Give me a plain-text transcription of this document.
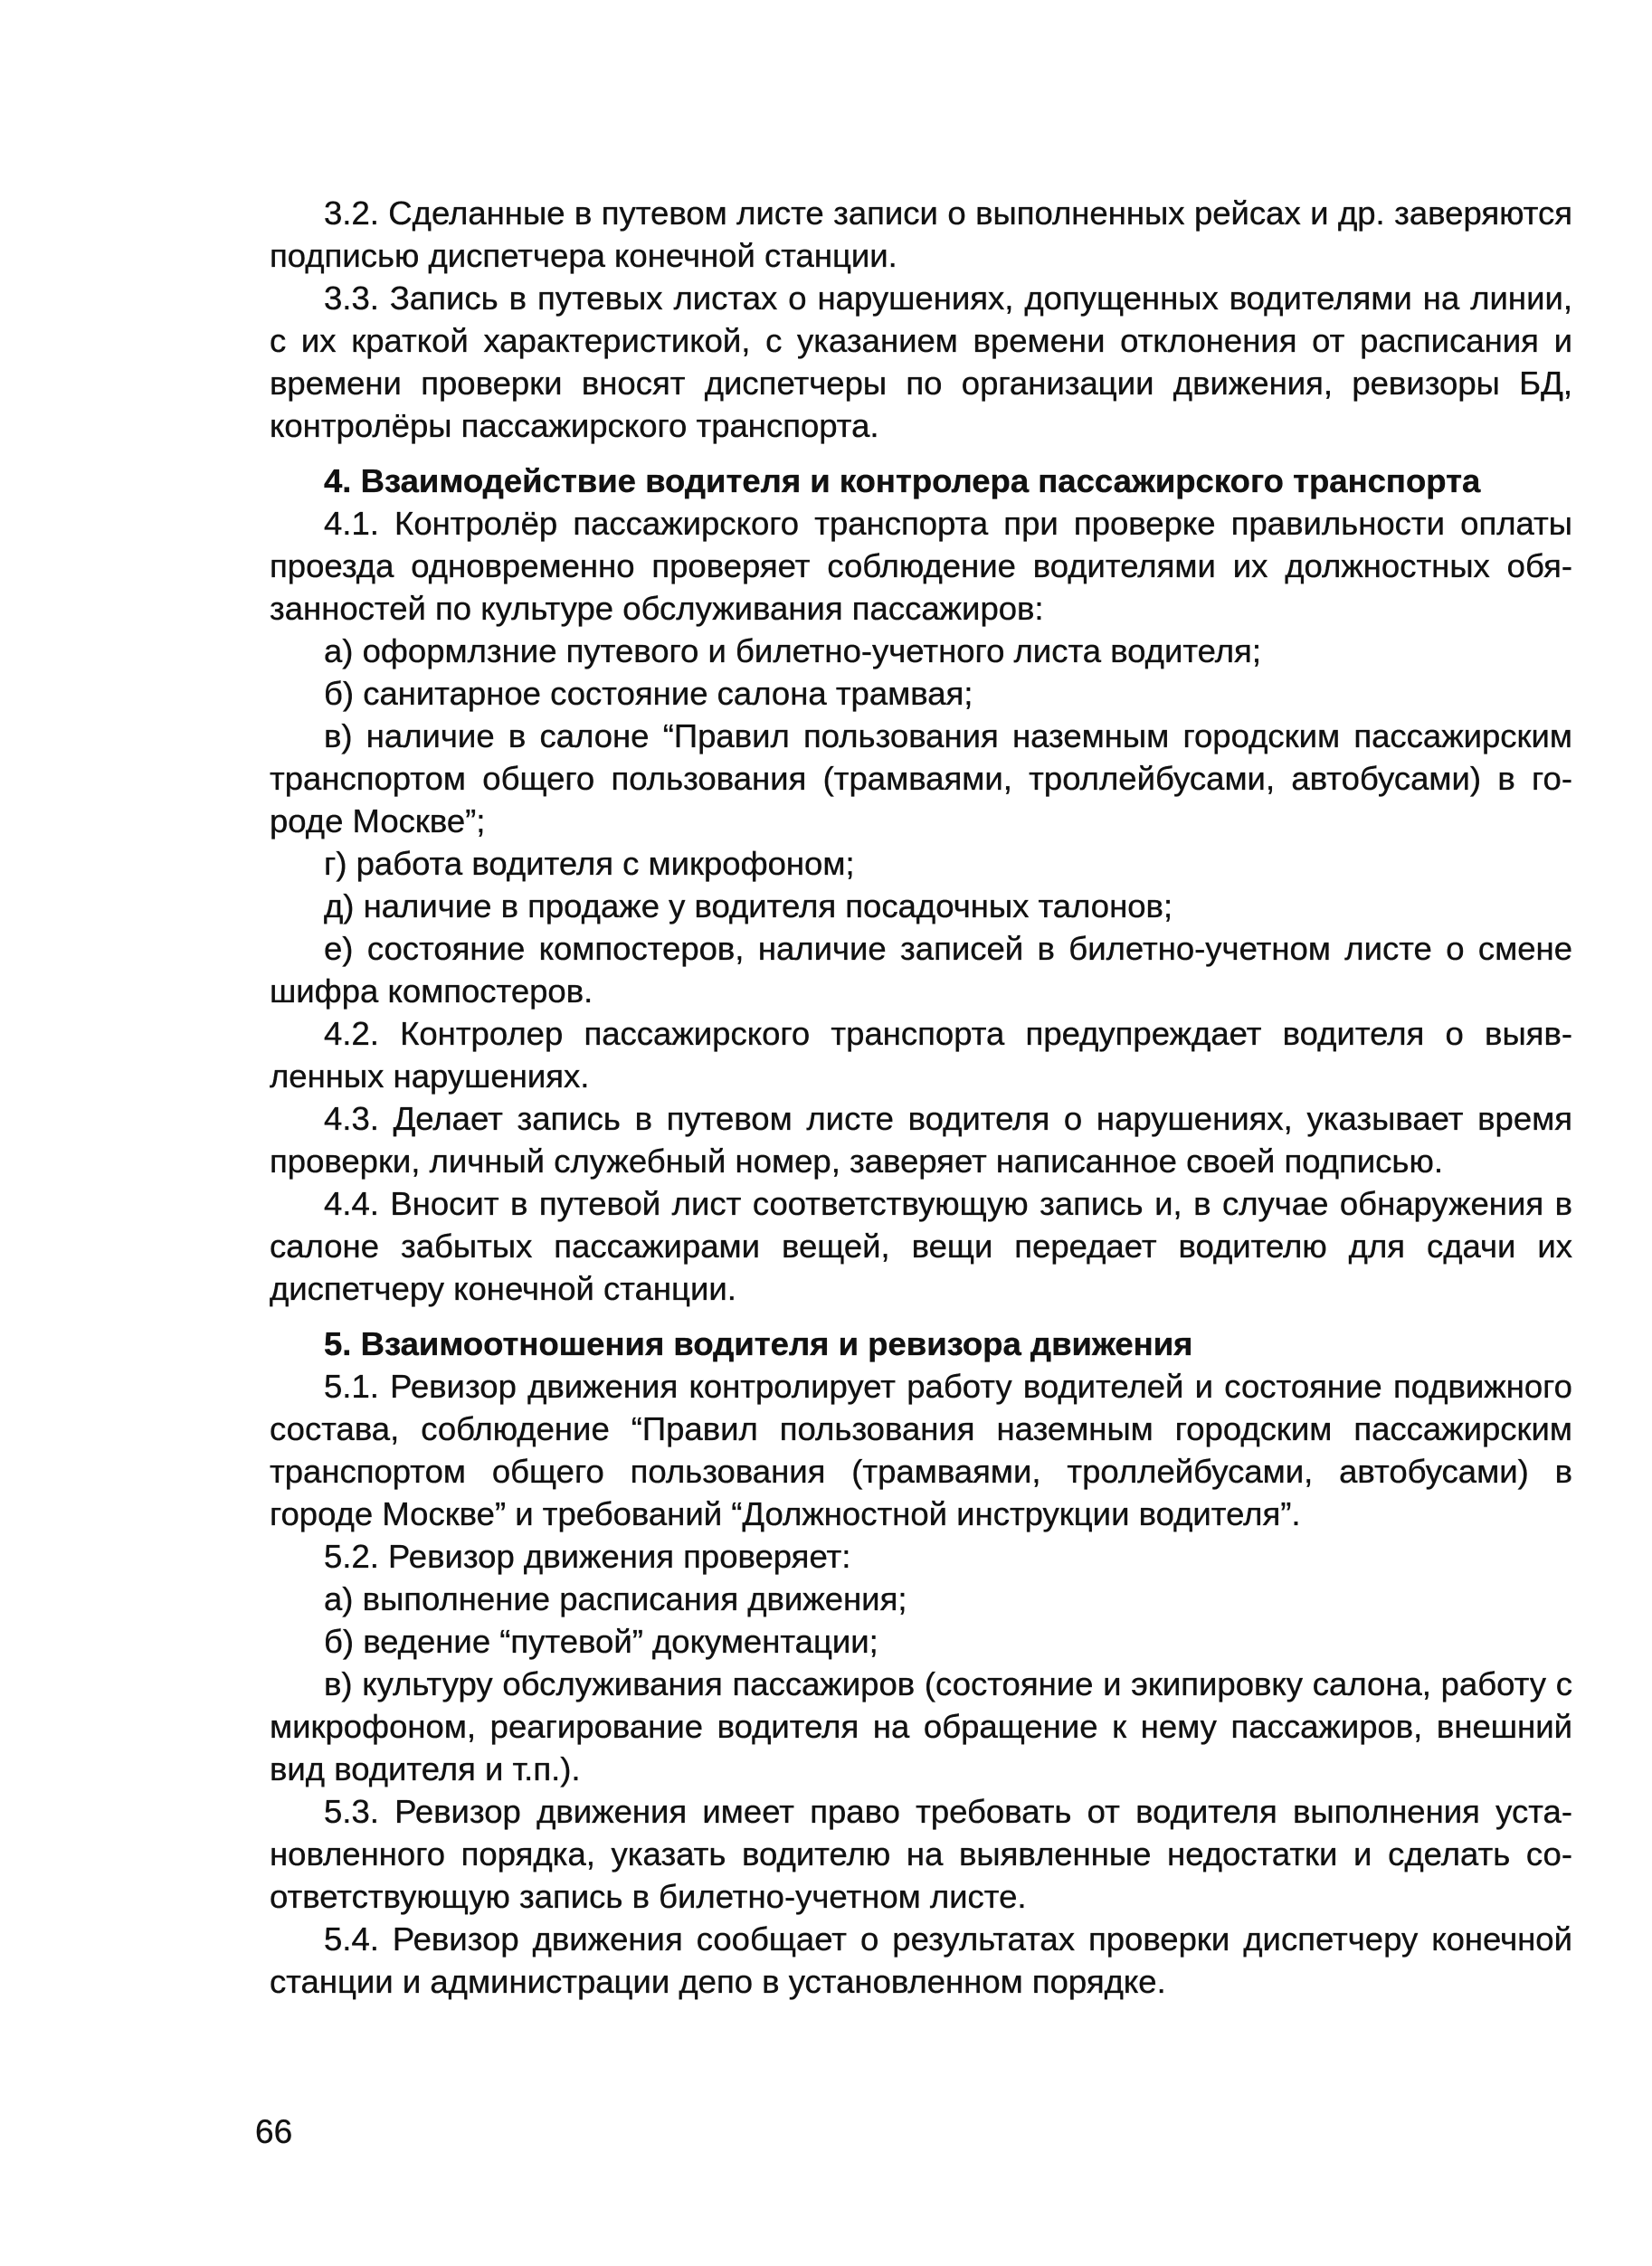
3.2. Сделанные в путевом листе записи о выполненных рейсах и др. заверяются подписью диспетчера конечной станции.

3.3. Запись в путевых листах о нарушениях, допущенных водителями на линии, с их краткой характеристикой, с указанием времени отклонения от расписания и времени проверки вносят диспетчеры по организации движения, ревизоры БД, контролёры пассажирского транспорта.

4. Взаимодействие водителя и контролера пассажирского транспорта

4.1. Контролёр пассажирского транспорта при проверке правильности оплаты проезда одновременно проверяет соблюдение водителями их должностных обязанностей по культуре обслуживания пассажиров:

а) оформлзние путевого и билетно-учетного листа водителя;

б) санитарное состояние салона трамвая;

в) наличие в салоне “Правил пользования наземным городским пассажирским транспортом общего пользования (трамваями, троллейбусами, автобусами) в городе Москве”;

г) работа водителя с микрофоном;

д) наличие в продаже у водителя посадочных талонов;

е) состояние компостеров, наличие записей в билетно-учетном листе о смене шифра компостеров.

4.2. Контролер пассажирского транспорта предупреждает водителя о выявленных нарушениях.

4.3. Делает запись в путевом листе водителя о нарушениях, указывает время проверки, личный служебный номер, заверяет написанное своей подписью.

4.4. Вносит в путевой лист соответствующую запись и, в случае обнаружения в салоне забытых пассажирами вещей, вещи передает водителю для сдачи их диспетчеру конечной станции.

5. Взаимоотношения водителя и ревизора движения

5.1. Ревизор движения контролирует работу водителей и состояние подвижного состава, соблюдение “Правил пользования наземным городским пассажирским транспортом общего пользования (трамваями, троллейбусами, автобусами) в городе Москве” и требований “Должностной инструкции водителя”.

5.2. Ревизор движения проверяет:

а) выполнение расписания движения;

б) ведение “путевой” документации;

в) культуру обслуживания пассажиров (состояние и экипировку салона, работу с микрофоном, реагирование водителя на обращение к нему пассажиров, внешний вид водителя и т.п.).

5.3. Ревизор движения имеет право требовать от водителя выполнения установленного порядка, указать водителю на выявленные недостатки и сделать соответствующую запись в билетно-учетном листе.

5.4. Ревизор движения сообщает о результатах проверки диспетчеру конечной станции и администрации депо в установленном порядке.

66
